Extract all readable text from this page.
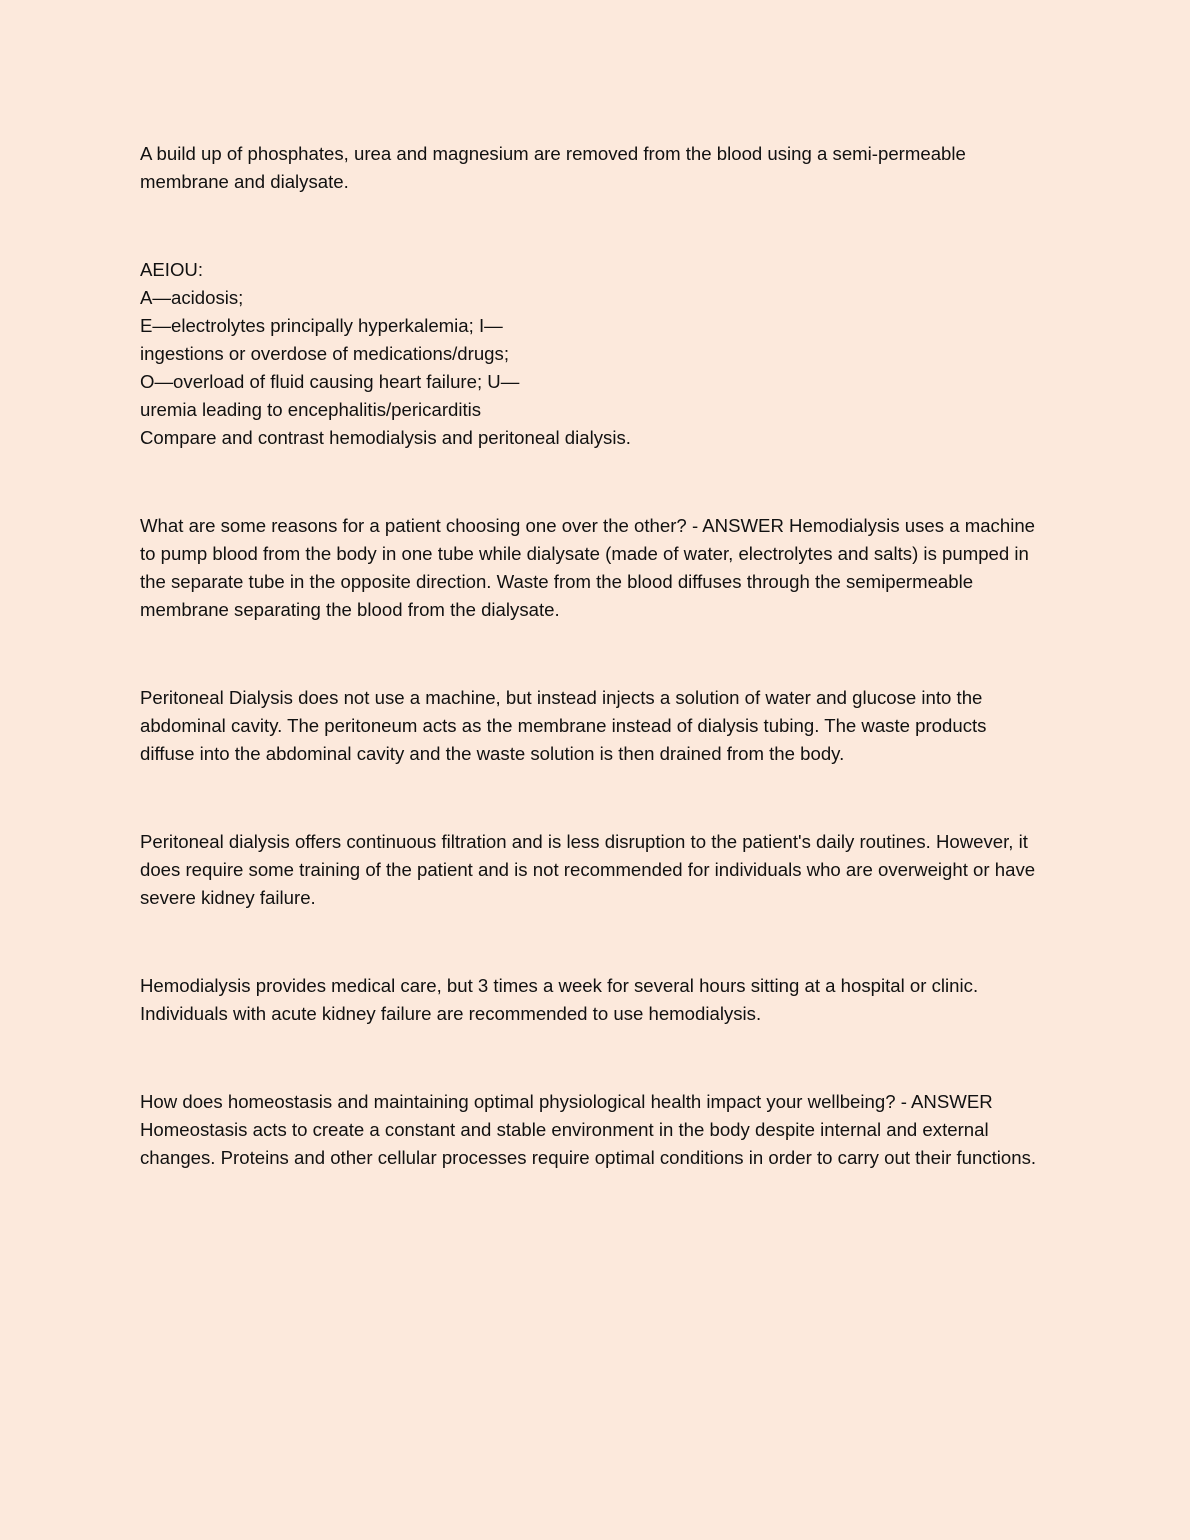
A build up of phosphates, urea and magnesium are removed from the blood using a semi-permeable membrane and dialysate.

AEIOU:

A—acidosis;

E—electrolytes principally hyperkalemia; I—

ingestions or overdose of medications/drugs;

O—overload of fluid causing heart failure; U—

uremia leading to encephalitis/pericarditis

Compare and contrast hemodialysis and peritoneal dialysis.

What are some reasons for a patient choosing one over the other? - ANSWER Hemodialysis uses a machine to pump blood from the body in one tube while dialysate (made of water, electrolytes and salts) is pumped in the separate tube in the opposite direction. Waste from the blood diffuses through the semipermeable membrane separating the blood from the dialysate.

Peritoneal Dialysis does not use a machine, but instead injects a solution of water and glucose into the abdominal cavity. The peritoneum acts as the membrane instead of dialysis tubing. The waste products diffuse into the abdominal cavity and the waste solution is then drained from the body.

Peritoneal dialysis offers continuous filtration and is less disruption to the patient's daily routines. However, it does require some training of the patient and is not recommended for individuals who are overweight or have severe kidney failure.

Hemodialysis provides medical care, but 3 times a week for several hours sitting at a hospital or clinic. Individuals with acute kidney failure are recommended to use hemodialysis.

How does homeostasis and maintaining optimal physiological health impact your wellbeing? - ANSWER Homeostasis acts to create a constant and stable environment in the body despite internal and external changes. Proteins and other cellular processes require optimal conditions in order to carry out their functions.
